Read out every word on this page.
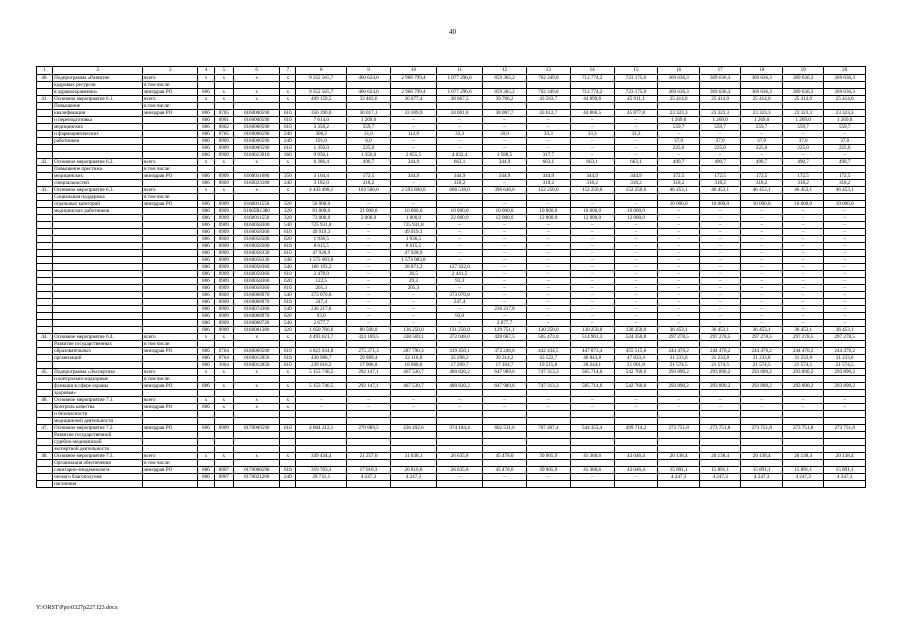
40
1	2	3	4	5	6	7	8	9	10	11	12	13	14	15	16	17	18	19	20
40.	Подпрограмма «Развитие	всего	х	х	х	х	9 352 565,7	460 624,0	2 968 799,4	1 077 296,6	859 365,2	702 349,8	712 774,2	723 175,0	369 636,3	369 636,3	369 636,3	369 636,3	369 636,3
	кадровых ресурсов	в том числе:																	
	в здравоохранении»	минздрав РО	806	х	х	х	9 352 565,7	460 624,0	2 968 799,4	1 077 296,6	859 365,2	702 349,8	712 774,2	723 175,0	369 636,3	369 636,3	369 636,3	369 636,3	369 636,3
41.	Основное мероприятие 6.1.	всего	х	х	х	х	409 159,5	33 463,6	36 077,4	38 067,5	39 706,2	43 563,7	44 899,8	45 911,1	25 414,0	25 414,0	25 414,0	25 414,0	25 414,0
	Повышение	в том числе:																	
	квалификации	минздрав РО	806	0705	0160000590	610	356 390,0	30 017,1	33 309,9	34 001,8	38 087,7	43 612,7	44 866,5	45 877,8	23 323,3	23 323,3	23 323,3	23 323,3	23 323,3
	и переподготовка		806	0901	0160000590	610	7 614,0	1 269,0	–	–	–	–	–	–	1 269,0	1 269,0	1 269,0	1 269,0	1 269,0
	медицинских		806	0902	0160000590	610	3 358,2	559,7	–	–	–	–	–	–	559,7	559,7	559,7	559,7	559,7
	и фармацевтических		806	0705	0160000590	240	306,2	31,0	112,0	33,3	30,0	33,3	33,3	33,3	–	–	–	–	–
	работников		806	0909	0160000590	240	191,0	6,0	–	–	–	–	–	–	37,0	37,0	37,0	37,0	37,0
			806	0909	0160000590	610	1 350,0	225,0	–	–	–	–	–	–	225,0	225,0	225,0	225,0	225,0
			806	0909	0160023910	360	9 950,1	1 356,0	2 655,5	4 032,4	1 588,5	317,7	–	–	–	–	–	–	–
42.	Основное мероприятие 6.2.	всего	х	х	х	х	6 286,4	490,7	344,9	663,1	344,9	663,1	663,1	663,1	490,7	490,7	490,7	490,7	490,7
	Повышение престижа	в том числе:																	
	медицинских	минздрав РО	806	0909	0160011080	350	3 104,4	172,5	344,9	344,9	344,9	344,9	344,9	344,9	172,5	172,5	172,5	172,5	172,5
	специальностей		806	0909	0160023180	240	3 182,0	318,2	–	318,2	–	318,2	318,2	318,2	318,2	318,2	318,2	318,2	318,2
43.	Основное мероприятие 6.3.	всего	х	х	х	х	4 443 498,1	103 500,0	2 593 808,0	666 518,0	396 646,6	152 250,0	152 250,0	152 250,0	46 453,1	46 453,1	46 453,1	46 453,1	46 453,1
	Социальная поддержка	в том числе:																	
	отдельных категорий	минздрав РО	806	0909	0160011550	320	50 000,0	–	–	–	–	–	–	–	10 000,0	10 000,0	10 000,0	10 000,0	10 000,0
	медицинских работников		806	0909	01605R1380	320	81 000,0	21 000,0	10 000,0	10 000,0	10 000,0	10 000,0	10 000,0	10 000,0	–	–	–	–	–
			806	0909	0160011550	320	73 000,0	2 000,0	1 000,0	22 000,0	12 000,0	12 000,0	12 000,0	12 000,0	–	–	–	–	–
			806	0909	0160058300	540	725 931,8	–	725 931,8	–	–	–	–	–	–	–	–	–	–
			806	0909	0160058300	610	49 919,3	–	49 919,3	–	–	–	–	–	–	–	–	–	–
			806	0909	0160058300	620	1 936,5	–	1 936,5	–	–	–	–	–	–	–	–	–	–
			806	0909	0160058300	810	8 615,5	–	8 615,5	–	–	–	–	–	–	–	–	–	–
			806	0909	0160058330	610	47 928,9	–	47 928,9	–	–	–	–	–	–	–	–	–	–
			806	0909	0160058330	540	1 573 083,8	–	1 573 083,8	–	–	–	–	–	–	–	–	–	–
			806	0909	0160058360	540	166 193,2	–	38 871,2	127 322,0	–	–	–	–	–	–	–	–	–
			806	0909	0160058360	610	2 478,0	–	36,5	2 441,5	–	–	–	–	–	–	–	–	–
			806	0909	0160058360	620	122,5	–	29,2	93,3	–	–	–	–	–	–	–	–	–
			806	0909	0160058360	810	205,3	–	205,3	–	–	–	–	–	–	–	–	–	–
			806	0909	0160068970	540	373 070,8	–	–	373 070,8	–	–	–	–	–	–	–	–	–
			806	0909	0160068970	610	247,4	–	–	247,4	–	–	–	–	–	–	–	–	–
			806	0909	0160074300	540	236 217,8	–	–	–	236 217,8	–	–	–	–	–	–	–	–
			806	0909	0160068970	620	93,0	–	–	93,0	–	–	–	–	–	–	–	–	–
			806	0909	0160068720	540	2 677,7	–	–	–	2 677,7	–	–	–	–	–	–	–	–
			806	0909	0160081380	320	1 050 766,6	80 500,0	136 250,0	131 250,0	129 751,1	130 250,0	130 250,0	130 250,0	36 453,1	36 453,1	36 453,1	36 453,1	36 453,1
44.	Основное мероприятие 6.4.	всего	х	х	х	х	4 493 621,7	323 169,5	338 569,1	372 048,0	428 667,5	505 473,0	514 961,3	524 350,8	297 278,5	297 278,5	297 278,5	297 278,5	297 278,5
	Развитие государственных	в том числе:																	
	образовательных	минздрав РО	806	0704	0160000590	610	3 823 034,8	275 371,3	287 790,3	319 450,1	372 246,6	442 434,5	447 873,4	455 515,6	244 470,2	244 470,2	244 470,2	244 470,2	244 470,2
	организаций		806	0704	0160012050	610	430 980,7	29 889,4	32 110,0	35 298,2	39 314,2	43 522,7	46 843,8	47 833,4	31 233,8	31 233,8	31 233,8	31 233,8	31 233,8
			806	1004	0160012050	610	239 616,2	17 908,8	18 668,8	17 299,7	17 104,7	19 515,8	20 244,1	21 001,8	21 574,5	21 574,5	21 574,5	21 574,5	21 574,5
45.	Подпрограмма «Экспертиза	всего	х	х	х	х	5 153 746,5	292 147,1	467 530,7	400 820,2	647 989,6	747 313,3	585 714,0	542 760,6	293 890,2	293 890,2	293 890,2	293 890,2	293 890,2
	и контрольно-надзорные	в том числе:																	
	функции в сфере охраны	минздрав РО	806	х	х	х	5 153 746,5	292 147,1	467 530,7	400 820,2	647 989,6	747 313,3	585 714,0	542 760,6	293 890,2	293 890,2	293 890,2	293 890,2	293 890,2
	здоровья»																		
46.	Основное мероприятие 7.1.	всего	х	х	х	х	–	–	–	–	–	–	–	–	–	–	–	–	–
	Контроль качества	минздрав РО	806	х	х	х	–	–	–	–	–	–	–	–	–	–	–	–	–
	и безопасности																		
	медицинской деятельности																		
47.	Основное мероприятие 7.2.	минздрав РО	806	0909	0170000590	610	4 804 312,1	270 889,5	436 492,6	374 184,4	602 511,6	707 407,4	544 353,4	499 714,2	273 751,8	273 751,8	273 751,8	273 751,8	273 751,8
	Развитие государственной																		
	судебно-медицинской																		
	экспертной деятельности																		
48.	Основное мероприятие 7.3.	всего	х	х	х	х	349 434,4	21 257,6	31 038,1	26 635,8	45 478,0	39 905,9	41 360,6	43 046,4	20 138,4	20 138,4	20 138,4	20 138,4	20 138,4
	Организация обеспечения	в том числе:																	
	санитарно-эпидемиологи-	минздрав РО	806	0907	0170000590	610	319 703,3	17 010,3	26 810,8	26 635,8	45 478,0	39 905,9	41 360,6	43 046,4	15 891,1	15 891,1	15 891,1	15 891,1	15 891,1
	ческого благополучия		806	0907	0170021200	240	29 731,1	4 247,3	4 247,3	–	–	–	–	–	4 247,3	4 247,3	4 247,3	4 247,3	4 247,3
	населения																		
Y:\ORST\Ppo\0327p227.f23.docx
